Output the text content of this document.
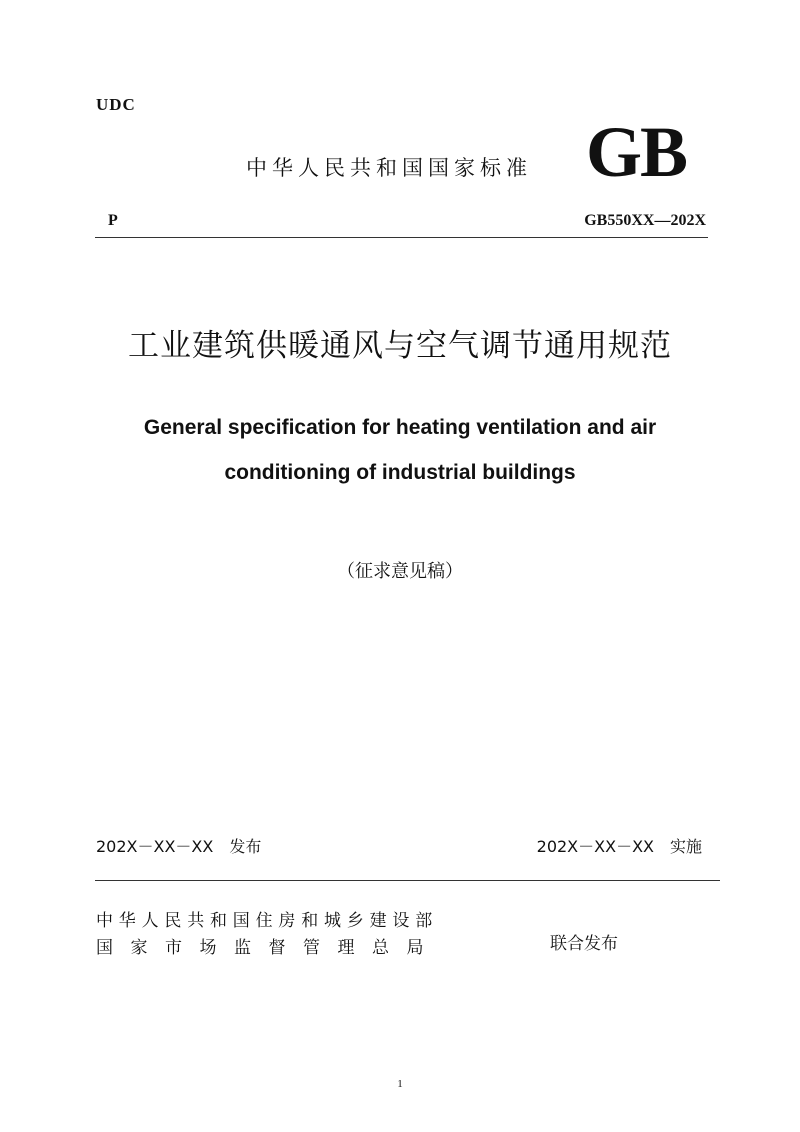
UDC
中华人民共和国国家标准 GB
P	GB550XX—202X
工业建筑供暖通风与空气调节通用规范
General specification for heating ventilation and air
conditioning of industrial buildings
（征求意见稿）
202X－XX－XX　发布	202X－XX－XX　实施
中华人民共和国住房和城乡建设部
国家市场监督管理总局	联合发布
1
